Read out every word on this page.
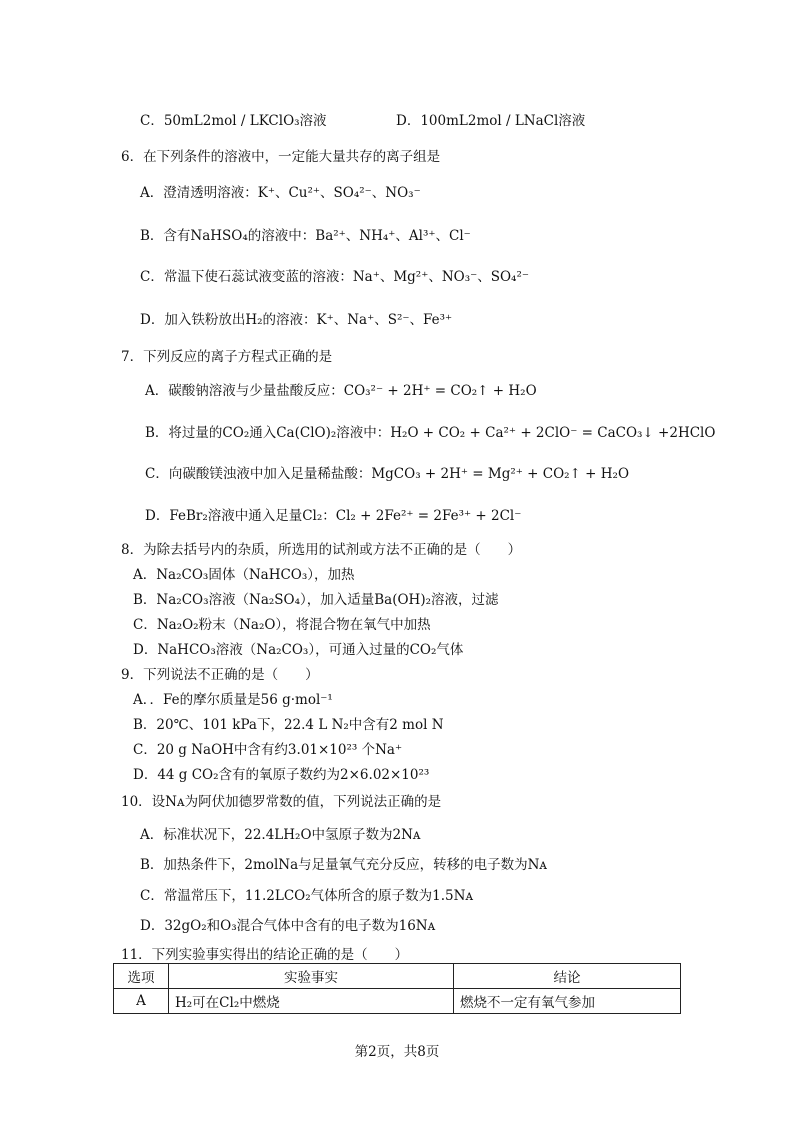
C．50mL2mol / LKClO₃溶液	D．100mL2mol / LNaCl溶液
6．在下列条件的溶液中，一定能大量共存的离子组是
A．澄清透明溶液：K⁺、Cu²⁺、SO₄²⁻、NO₃⁻
B．含有NaHSO₄的溶液中：Ba²⁺、NH₄⁺、Al³⁺、Cl⁻
C．常温下使石蕊试液变蓝的溶液：Na⁺、Mg²⁺、NO₃⁻、SO₄²⁻
D．加入铁粉放出H₂的溶液：K⁺、Na⁺、S²⁻、Fe³⁺
7．下列反应的离子方程式正确的是
A．碳酸钠溶液与少量盐酸反应：CO₃²⁻ + 2H⁺ = CO₂↑ + H₂O
B．将过量的CO₂通入Ca(ClO)₂溶液中：H₂O + CO₂ + Ca²⁺ + 2ClO⁻ = CaCO₃↓ +2HClO
C．向碳酸镁浊液中加入足量稀盐酸：MgCO₃ + 2H⁺ = Mg²⁺ + CO₂↑ + H₂O
D．FeBr₂溶液中通入足量Cl₂：Cl₂ + 2Fe²⁺ = 2Fe³⁺ + 2Cl⁻
8．为除去括号内的杂质，所选用的试剂或方法不正确的是（　　）
A．Na₂CO₃固体（NaHCO₃），加热
B．Na₂CO₃溶液（Na₂SO₄），加入适量Ba(OH)₂溶液，过滤
C．Na₂O₂粉末（Na₂O），将混合物在氧气中加热
D．NaHCO₃溶液（Na₂CO₃），可通入过量的CO₂气体
9．下列说法不正确的是（　　）
A．．Fe的摩尔质量是56 g·mol⁻¹
B．20℃、101 kPa下，22.4 L N₂中含有2 mol N
C．20 g NaOH中含有约3.01×10²³ 个Na⁺
D．44 g CO₂含有的氧原子数约为2×6.02×10²³
10．设Nᴀ为阿伏加德罗常数的值，下列说法正确的是
A．标准状况下，22.4LH₂O中氢原子数为2Nᴀ
B．加热条件下，2molNa与足量氧气充分反应，转移的电子数为Nᴀ
C．常温常压下，11.2LCO₂气体所含的原子数为1.5Nᴀ
D．32gO₂和O₃混合气体中含有的电子数为16Nᴀ
11．下列实验事实得出的结论正确的是（　　）
选项	实验事实	结论
A	H₂可在Cl₂中燃烧	燃烧不一定有氧气参加
第2页，共8页
